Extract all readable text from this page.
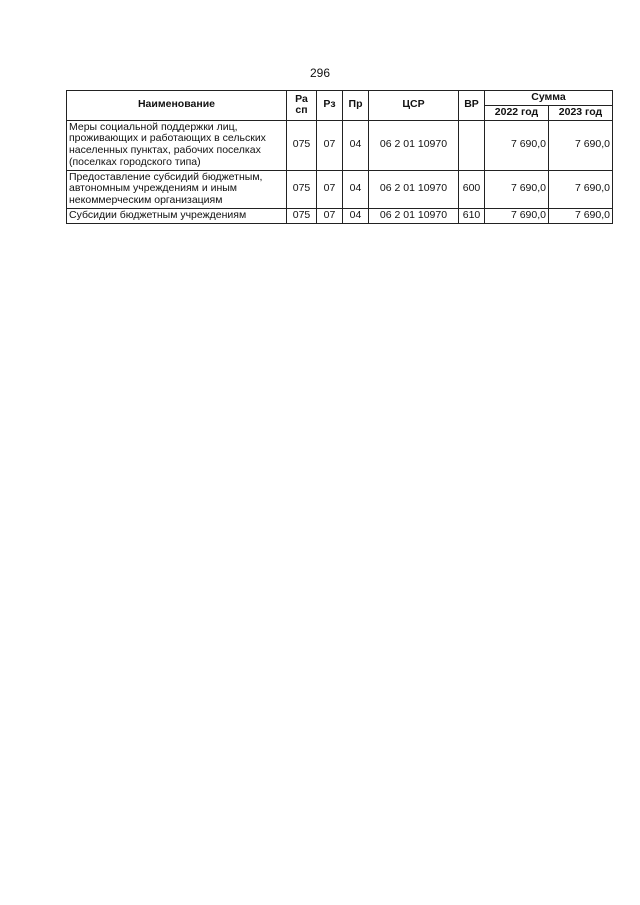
296
Наименование	Ра сп	Рз	Пр	ЦСР	ВР	Сумма	
						2022 год	2023 год
Меры социальной поддержки лиц, проживающих и работающих в сельских населенных пунктах, рабочих поселках (поселках городского типа)	075	07	04	06 2 01 10970		7 690,0	7 690,0
Предоставление субсидий бюджетным, автономным учреждениям и иным некоммерческим организациям	075	07	04	06 2 01 10970	600	7 690,0	7 690,0
Субсидии бюджетным учреждениям	075	07	04	06 2 01 10970	610	7 690,0	7 690,0
